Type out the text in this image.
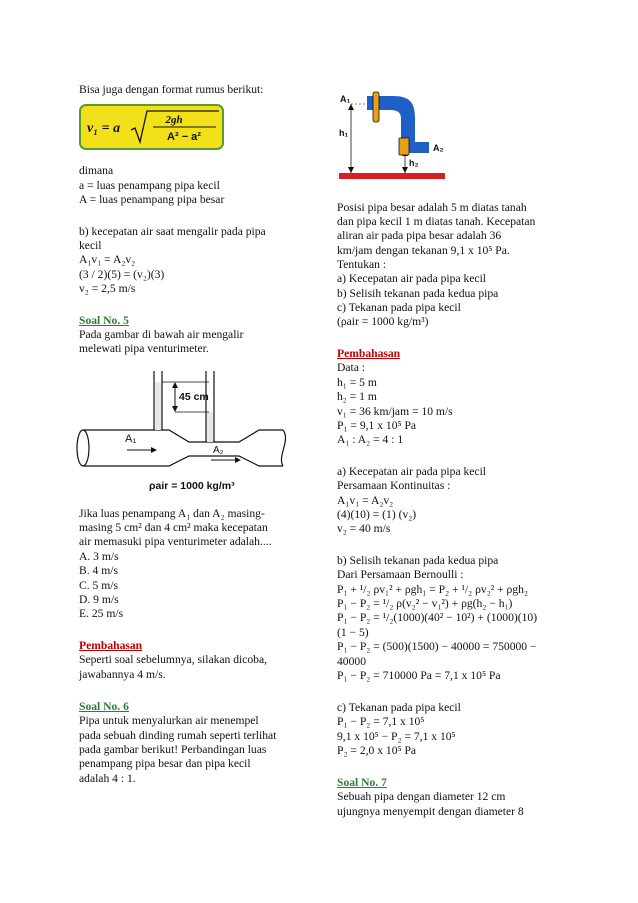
Bisa juga dengan format rumus berikut:
v₁ = a
2gh
A² − a²
dimana
a = luas penampang pipa kecil
A = luas penampang pipa besar
b) kecepatan air saat mengalir pada pipa
kecil
A₁v₁ = A₂v₂
(3 / 2)(5) = (v₂)(3)
v₂ = 2,5 m/s
Soal No. 5
Pada gambar di bawah air mengalir
melewati pipa venturimeter.
45 cm
A₁
A₂
ρair = 1000 kg/m³
Jika luas penampang A₁ dan A₂ masing-
masing 5 cm² dan 4 cm² maka kecepatan
air memasuki pipa venturimeter adalah....
A. 3 m/s
B. 4 m/s
C. 5 m/s
D. 9 m/s
E. 25 m/s
Pembahasan
Seperti soal sebelumnya, silakan dicoba,
jawabannya 4 m/s.
Soal No. 6
Pipa untuk menyalurkan air menempel
pada sebuah dinding rumah seperti terlihat
pada gambar berikut! Perbandingan luas
penampang pipa besar dan pipa kecil
adalah 4 : 1.
A₁
h₁
h₂
A₂
Posisi pipa besar adalah 5 m diatas tanah
dan pipa kecil 1 m diatas tanah. Kecepatan
aliran air pada pipa besar adalah 36
km/jam dengan tekanan 9,1 x 10⁵ Pa.
Tentukan :
a) Kecepatan air pada pipa kecil
b) Selisih tekanan pada kedua pipa
c) Tekanan pada pipa kecil
(ρair = 1000 kg/m³)
Pembahasan
Data :
h₁ = 5 m
h₂ = 1 m
v₁ = 36 km/jam = 10 m/s
P₁ = 9,1 x 10⁵ Pa
A₁ : A₂ = 4 : 1
a) Kecepatan air pada pipa kecil
Persamaan Kontinuitas :
A₁v₁ = A₂v₂
(4)(10) = (1) (v₂)
v₂ = 40 m/s
b) Selisih tekanan pada kedua pipa
Dari Persamaan Bernoulli :
P₁ + ¹/₂ ρv₁² + ρgh₁ = P₂ + ¹/₂ ρv₂² + ρgh₂
P₁ − P₂ = ¹/₂ ρ(v₂² − v₁²) + ρg(h₂ − h₁)
P₁ − P₂ = ¹/₂(1000)(40² − 10²) + (1000)(10)
(1 − 5)
P₁ − P₂ = (500)(1500) − 40000 = 750000 −
40000
P₁ − P₂ = 710000 Pa = 7,1 x 10⁵ Pa
c) Tekanan pada pipa kecil
P₁ − P₂ = 7,1 x 10⁵
9,1 x 10⁵ − P₂ = 7,1 x 10⁵
P₂ = 2,0 x 10⁵ Pa
Soal No. 7
Sebuah pipa dengan diameter 12 cm
ujungnya menyempit dengan diameter 8
